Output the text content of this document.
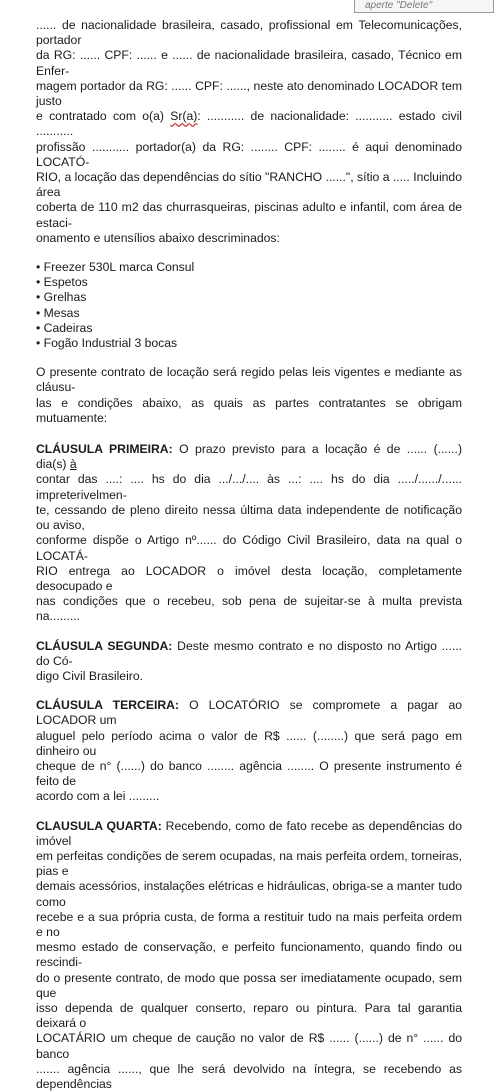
aperte "Delete"

...... de nacionalidade brasileira, casado, profissional em Telecomunicações, portador
da RG: ...... CPF: ...... e ...... de nacionalidade brasileira, casado, Técnico em Enfer-
magem portador da RG: ...... CPF: ......, neste ato denominado LOCADOR tem justo
e contratado com o(a) Sr(a): ........... de nacionalidade: ........... estado civil ...........
profissão ........... portador(a) da RG: ........ CPF: ........ é aqui denominado LOCATÓ-
RIO, a locação das dependências do sítio "RANCHO ......", sítio a ..... Incluindo área
coberta de 110 m2 das churrasqueiras, piscinas adulto e infantil, com área de estaci-
onamento e utensílios abaixo descriminados:

• Freezer 530L marca Consul
• Espetos
• Grelhas
• Mesas
• Cadeiras
• Fogão Industrial 3 bocas

O presente contrato de locação será regido pelas leis vigentes e mediante as cláusu-
las e condições abaixo, as quais as partes contratantes se obrigam mutuamente:

CLÁUSULA PRIMEIRA: O prazo previsto para a locação é de ...... (......) dia(s) à
contar das ....: .... hs do dia .../.../.... às ...: .... hs do dia ...../....../...... impreterivelmen-
te, cessando de pleno direito nessa última data independente de notificação ou aviso,
conforme dispõe o Artigo nº...... do Código Civil Brasileiro, data na qual o LOCATÁ-
RIO entrega ao LOCADOR o imóvel desta locação, completamente desocupado e
nas condições que o recebeu, sob pena de sujeitar-se à multa prevista na.........

CLÁUSULA SEGUNDA: Deste mesmo contrato e no disposto no Artigo ...... do Có-
digo Civil Brasileiro.

CLÁUSULA TERCEIRA: O LOCATÓRIO se compromete a pagar ao LOCADOR um
aluguel pelo período acima o valor de R$ ...... (........) que será pago em dinheiro ou
cheque de n° (......) do banco ........ agência ........ O presente instrumento é feito de
acordo com a lei .........

CLAUSULA QUARTA: Recebendo, como de fato recebe as dependências do imóvel
em perfeitas condições de serem ocupadas, na mais perfeita ordem, torneiras, pias e
demais acessórios, instalações elétricas e hidráulicas, obriga-se a manter tudo como
recebe e a sua própria custa, de forma a restituir tudo na mais perfeita ordem e no
mesmo estado de conservação, e perfeito funcionamento, quando findo ou rescindi-
do o presente contrato, de modo que possa ser imediatamente ocupado, sem que
isso dependa de qualquer conserto, reparo ou pintura. Para tal garantia deixará o
LOCATÁRIO um cheque de caução no valor de R$ ...... (......) de n° ...... do banco
....... agência ......, que lhe será devolvido na íntegra, se recebendo as dependências
